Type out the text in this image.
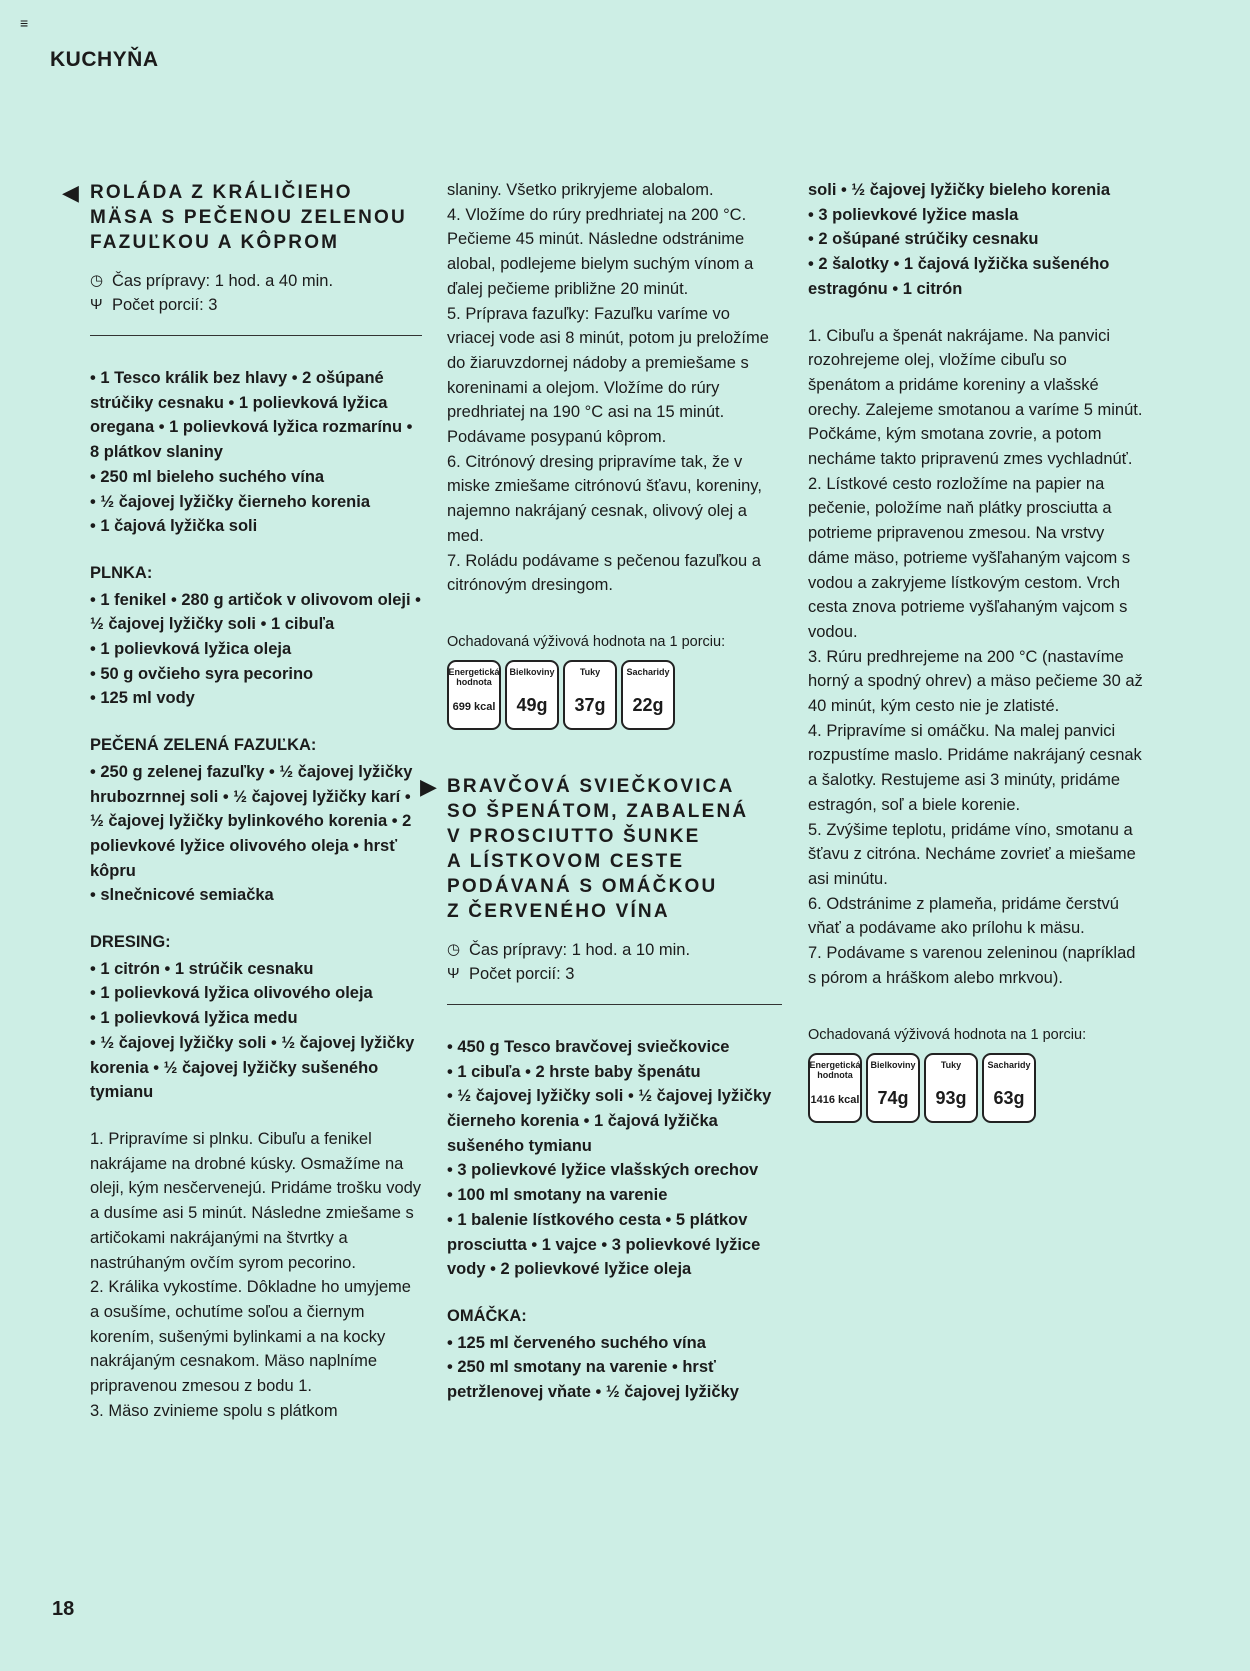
≡
KUCHYŇA
◀ ROLÁDA Z KRÁLIČIEHO

MÄSA S PEČENOU ZELENOU

FAZUĽKOU A KÔPROM

◷ Čas prípravy: 1 hod. a 40 min.
Ψ Počet porcií: 3

• 1 Tesco králik bez hlavy • 2 ošúpané strúčiky cesnaku • 1 polievková lyžica oregana • 1 polievková lyžica rozmarínu • 8 plátkov slaniny

• 250 ml bieleho suchého vína

• ½ čajovej lyžičky čierneho korenia

• 1 čajová lyžička soli

PLNKA:

• 1 fenikel • 280 g artičok v olivovom oleji • ½ čajovej lyžičky soli • 1 cibuľa

• 1 polievková lyžica oleja

• 50 g ovčieho syra pecorino

• 125 ml vody

PEČENÁ ZELENÁ FAZUĽKA:

• 250 g zelenej fazuľky • ½ čajovej lyžičky hrubozrnnej soli • ½ čajovej lyžičky karí • ½ čajovej lyžičky bylinkového korenia • 2 polievkové lyžice olivového oleja • hrsť kôpru

• slnečnicové semiačka

DRESING:

• 1 citrón • 1 strúčik cesnaku

• 1 polievková lyžica olivového oleja

• 1 polievková lyžica medu

• ½ čajovej lyžičky soli • ½ čajovej lyžičky korenia • ½ čajovej lyžičky sušeného tymianu

1. Pripravíme si plnku. Cibuľu a fenikel nakrájame na drobné kúsky. Osmažíme na oleji, kým nesčervenejú. Pridáme trošku vody a dusíme asi 5 minút. Následne zmiešame s artičokami nakrájanými na štvrtky a nastrúhaným ovčím syrom pecorino.

2. Králika vykostíme. Dôkladne ho umyjeme a osušíme, ochutíme soľou a čiernym korením, sušenými bylinkami a na kocky nakrájaným cesnakom. Mäso naplníme pripravenou zmesou z bodu 1.

3. Mäso zvinieme spolu s plátkom

slaniny. Všetko prikryjeme alobalom.

4. Vložíme do rúry predhriatej na 200 °C. Pečieme 45 minút. Následne odstránime alobal, podlejeme bielym suchým vínom a ďalej pečieme približne 20 minút.

5. Príprava fazuľky: Fazuľku varíme vo vriacej vode asi 8 minút, potom ju preložíme do žiaruvzdornej nádoby a premiešame s koreninami a olejom. Vložíme do rúry predhriatej na 190 °C asi na 15 minút. Podávame posypanú kôprom.

6. Citrónový dresing pripravíme tak, že v miske zmiešame citrónovú šťavu, koreniny, najemno nakrájaný cesnak, olivový olej a med.

7. Roládu podávame s pečenou fazuľkou a citrónovým dresingom.

Ochadovaná výživová hodnota na 1 porciu:
Energetická hodnota
699 kcal
Bielkoviny
49g
Tuky
37g
Sacharidy
22g
▶ BRAVČOVÁ SVIEČKOVICA

SO ŠPENÁTOM, ZABALENÁ

V PROSCIUTTO ŠUNKE

A LÍSTKOVOM CESTE

PODÁVANÁ S OMÁČKOU

Z ČERVENÉHO VÍNA

◷ Čas prípravy: 1 hod. a 10 min.
Ψ Počet porcií: 3

• 450 g Tesco bravčovej sviečkovice

• 1 cibuľa • 2 hrste baby špenátu

• ½ čajovej lyžičky soli • ½ čajovej lyžičky čierneho korenia • 1 čajová lyžička sušeného tymianu

• 3 polievkové lyžice vlašských orechov

• 100 ml smotany na varenie

• 1 balenie lístkového cesta • 5 plátkov prosciutta • 1 vajce • 3 polievkové lyžice vody • 2 polievkové lyžice oleja

OMÁČKA:

• 125 ml červeného suchého vína

• 250 ml smotany na varenie • hrsť petržlenovej vňate • ½ čajovej lyžičky

soli • ½ čajovej lyžičky bieleho korenia

• 3 polievkové lyžice masla

• 2 ošúpané strúčiky cesnaku

• 2 šalotky • 1 čajová lyžička sušeného estragónu • 1 citrón

1. Cibuľu a špenát nakrájame. Na panvici rozohrejeme olej, vložíme cibuľu so špenátom a pridáme koreniny a vlašské orechy. Zalejeme smotanou a varíme 5 minút. Počkáme, kým smotana zovrie, a potom necháme takto pripravenú zmes vychladnúť.

2. Lístkové cesto rozložíme na papier na pečenie, položíme naň plátky prosciutta a potrieme pripravenou zmesou. Na vrstvy dáme mäso, potrieme vyšľahaným vajcom s vodou a zakryjeme lístkovým cestom. Vrch cesta znova potrieme vyšľahaným vajcom s vodou.

3. Rúru predhrejeme na 200 °C (nastavíme horný a spodný ohrev) a mäso pečieme 30 až 40 minút, kým cesto nie je zlatisté.

4. Pripravíme si omáčku. Na malej panvici rozpustíme maslo. Pridáme nakrájaný cesnak a šalotky. Restujeme asi 3 minúty, pridáme estragón, soľ a biele korenie.

5. Zvýšime teplotu, pridáme víno, smotanu a šťavu z citróna. Necháme zovrieť a miešame asi minútu.

6. Odstránime z plameňa, pridáme čerstvú vňať a podávame ako prílohu k mäsu.

7. Podávame s varenou zeleninou (napríklad s pórom a hráškom alebo mrkvou).

Ochadovaná výživová hodnota na 1 porciu:
Energetická hodnota
1416 kcal
Bielkoviny
74g
Tuky
93g
Sacharidy
63g
18
